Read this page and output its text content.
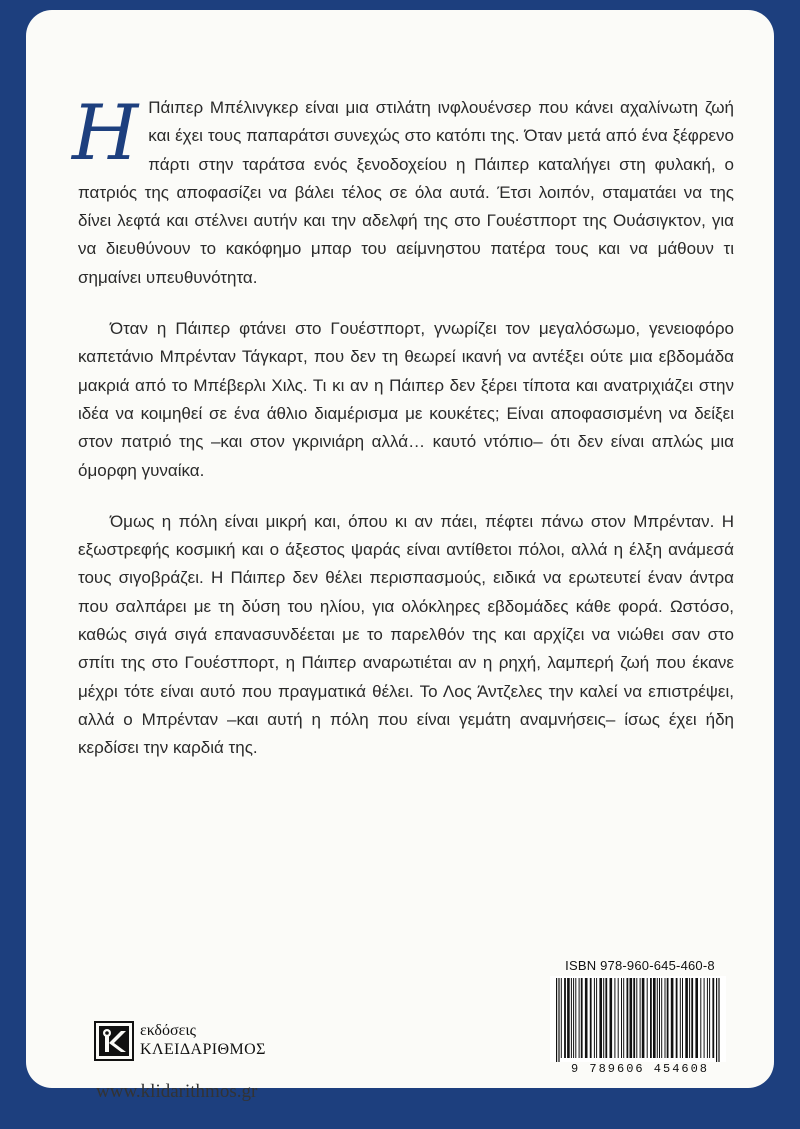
Η Πάιπερ Μπέλινγκερ είναι μια στιλάτη ινφλουένσερ που κάνει αχαλίνωτη ζωή και έχει τους παπαράτσι συνεχώς στο κατόπι της. Όταν μετά από ένα ξέφρενο πάρτι στην ταράτσα ενός ξενοδοχείου η Πάιπερ καταλήγει στη φυλακή, ο πατριός της αποφασίζει να βάλει τέλος σε όλα αυτά. Έτσι λοιπόν, σταματάει να της δίνει λεφτά και στέλνει αυτήν και την αδελφή της στο Γουέστπορτ της Ουάσιγκτον, για να διευθύνουν το κακόφημο μπαρ του αείμνηστου πατέρα τους και να μάθουν τι σημαίνει υπευθυνότητα.

Όταν η Πάιπερ φτάνει στο Γουέστπορτ, γνωρίζει τον μεγαλόσωμο, γενειοφόρο καπετάνιο Μπρένταν Τάγκαρτ, που δεν τη θεωρεί ικανή να αντέξει ούτε μια εβδομάδα μακριά από το Μπέβερλι Χιλς. Τι κι αν η Πάιπερ δεν ξέρει τίποτα και ανατριχιάζει στην ιδέα να κοιμηθεί σε ένα άθλιο διαμέρισμα με κουκέτες; Είναι αποφασισμένη να δείξει στον πατριό της –και στον γκρινιάρη αλλά… καυτό ντόπιο– ότι δεν είναι απλώς μια όμορφη γυναίκα.

Όμως η πόλη είναι μικρή και, όπου κι αν πάει, πέφτει πάνω στον Μπρένταν. Η εξωστρεφής κοσμική και ο άξεστος ψαράς είναι αντίθετοι πόλοι, αλλά η έλξη ανάμεσά τους σιγοβράζει. Η Πάιπερ δεν θέλει περισπασμούς, ειδικά να ερωτευτεί έναν άντρα που σαλπάρει με τη δύση του ηλίου, για ολόκληρες εβδομάδες κάθε φορά. Ωστόσο, καθώς σιγά σιγά επανασυνδέεται με το παρελθόν της και αρχίζει να νιώθει σαν στο σπίτι της στο Γουέστπορτ, η Πάιπερ αναρωτιέται αν η ρηχή, λαμπερή ζωή που έκανε μέχρι τότε είναι αυτό που πραγματικά θέλει. Το Λος Άντζελες την καλεί να επιστρέψει, αλλά ο Μπρένταν –και αυτή η πόλη που είναι γεμάτη αναμνήσεις– ίσως έχει ήδη κερδίσει την καρδιά της.

ISBN 978-960-645-460-8
9 789606 454608
εκδόσεις
ΚΛΕΙΔΑΡΙΘΜΟΣ
www.klidarithmos.gr
